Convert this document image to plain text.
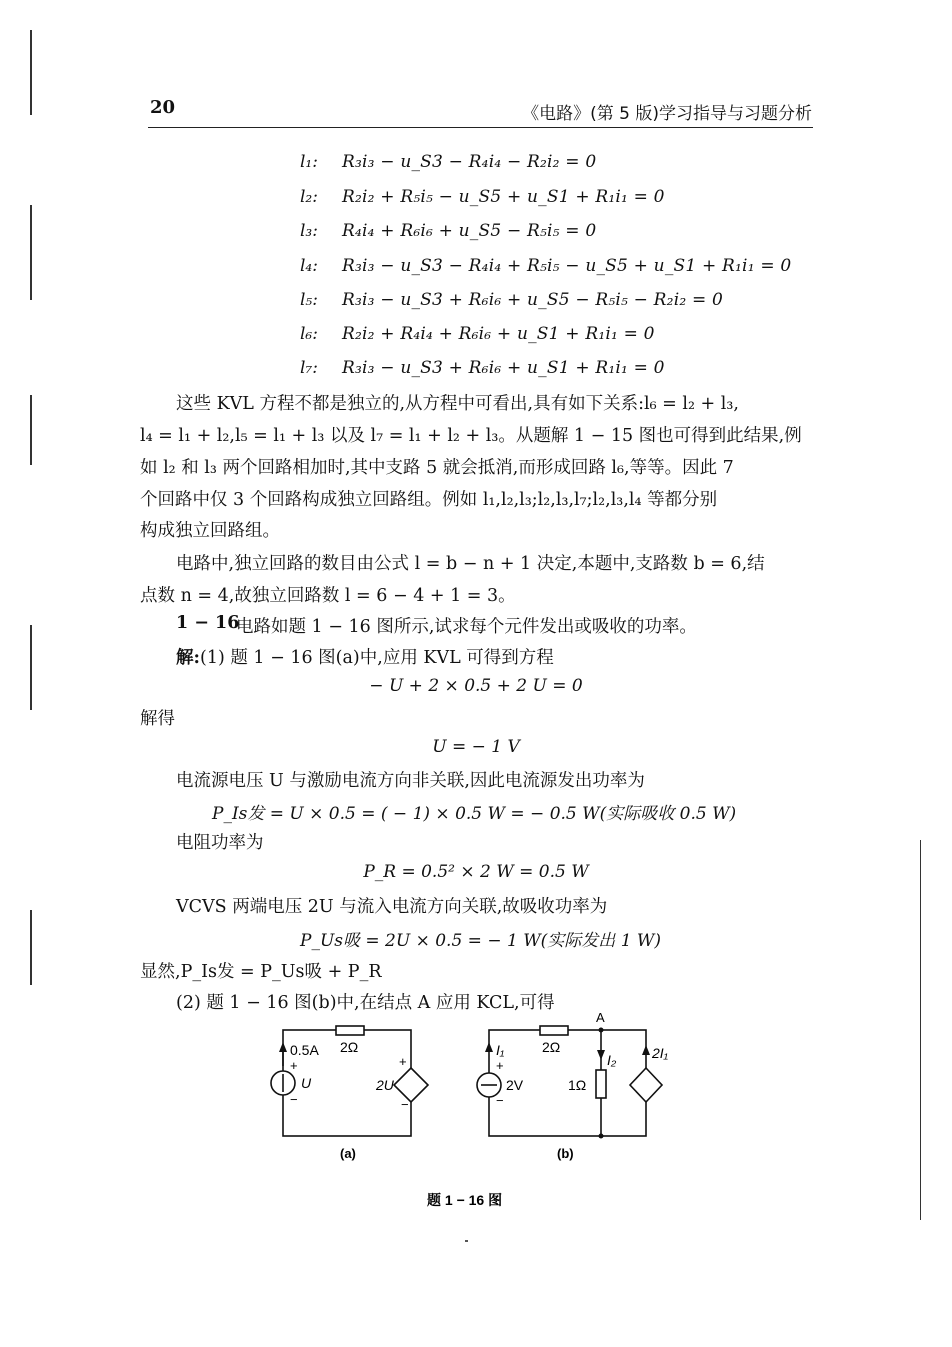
20	《电路》(第 5 版)学习指导与习题分析
l₁: R₃i₃ − u_S3 − R₄i₄ − R₂i₂ = 0
l₂: R₂i₂ + R₅i₅ − u_S5 + u_S1 + R₁i₁ = 0
l₃: R₄i₄ + R₆i₆ + u_S5 − R₅i₅ = 0
l₄: R₃i₃ − u_S3 − R₄i₄ + R₅i₅ − u_S5 + u_S1 + R₁i₁ = 0
l₅: R₃i₃ − u_S3 + R₆i₆ + u_S5 − R₅i₅ − R₂i₂ = 0
l₆: R₂i₂ + R₄i₄ + R₆i₆ + u_S1 + R₁i₁ = 0
l₇: R₃i₃ − u_S3 + R₆i₆ + u_S1 + R₁i₁ = 0
这些 KVL 方程不都是独立的,从方程中可看出,具有如下关系:l₆ = l₂ + l₃,
l₄ = l₁ + l₂,l₅ = l₁ + l₃ 以及 l₇ = l₁ + l₂ + l₃。从题解 1 − 15 图也可得到此结果,例
如 l₂ 和 l₃ 两个回路相加时,其中支路 5 就会抵消,而形成回路 l₆,等等。因此 7
个回路中仅 3 个回路构成独立回路组。例如 l₁,l₂,l₃;l₂,l₃,l₇;l₂,l₃,l₄ 等都分别
构成独立回路组。
电路中,独立回路的数目由公式 l = b − n + 1 决定,本题中,支路数 b = 6,结
点数 n = 4,故独立回路数 l = 6 − 4 + 1 = 3。
1 − 16
电路如题 1 − 16 图所示,试求每个元件发出或吸收的功率。
解: (1) 题 1 − 16 图(a)中,应用 KVL 可得到方程
− U + 2 × 0.5 + 2 U = 0
解得
U = − 1 V
电流源电压 U 与激励电流方向非关联,因此电流源发出功率为
P_Is发 = U × 0.5 = ( − 1) × 0.5 W = − 0.5 W(实际吸收 0.5 W)
电阻功率为
P_R = 0.5² × 2 W = 0.5 W
VCVS 两端电压 2U 与流入电流方向关联,故吸收功率为
P_Us吸 = 2U × 0.5 = − 1 W(实际发出 1 W)
显然,P_Is发 = P_Us吸 + P_R
(2) 题 1 − 16 图(b)中,在结点 A 应用 KCL,可得
0.5A 2Ω
U	2U
+
−
+
−
(a)
I₁	2Ω
A
I₂
2V	1Ω
2I₁
+
−
(b)
题 1 − 16 图
